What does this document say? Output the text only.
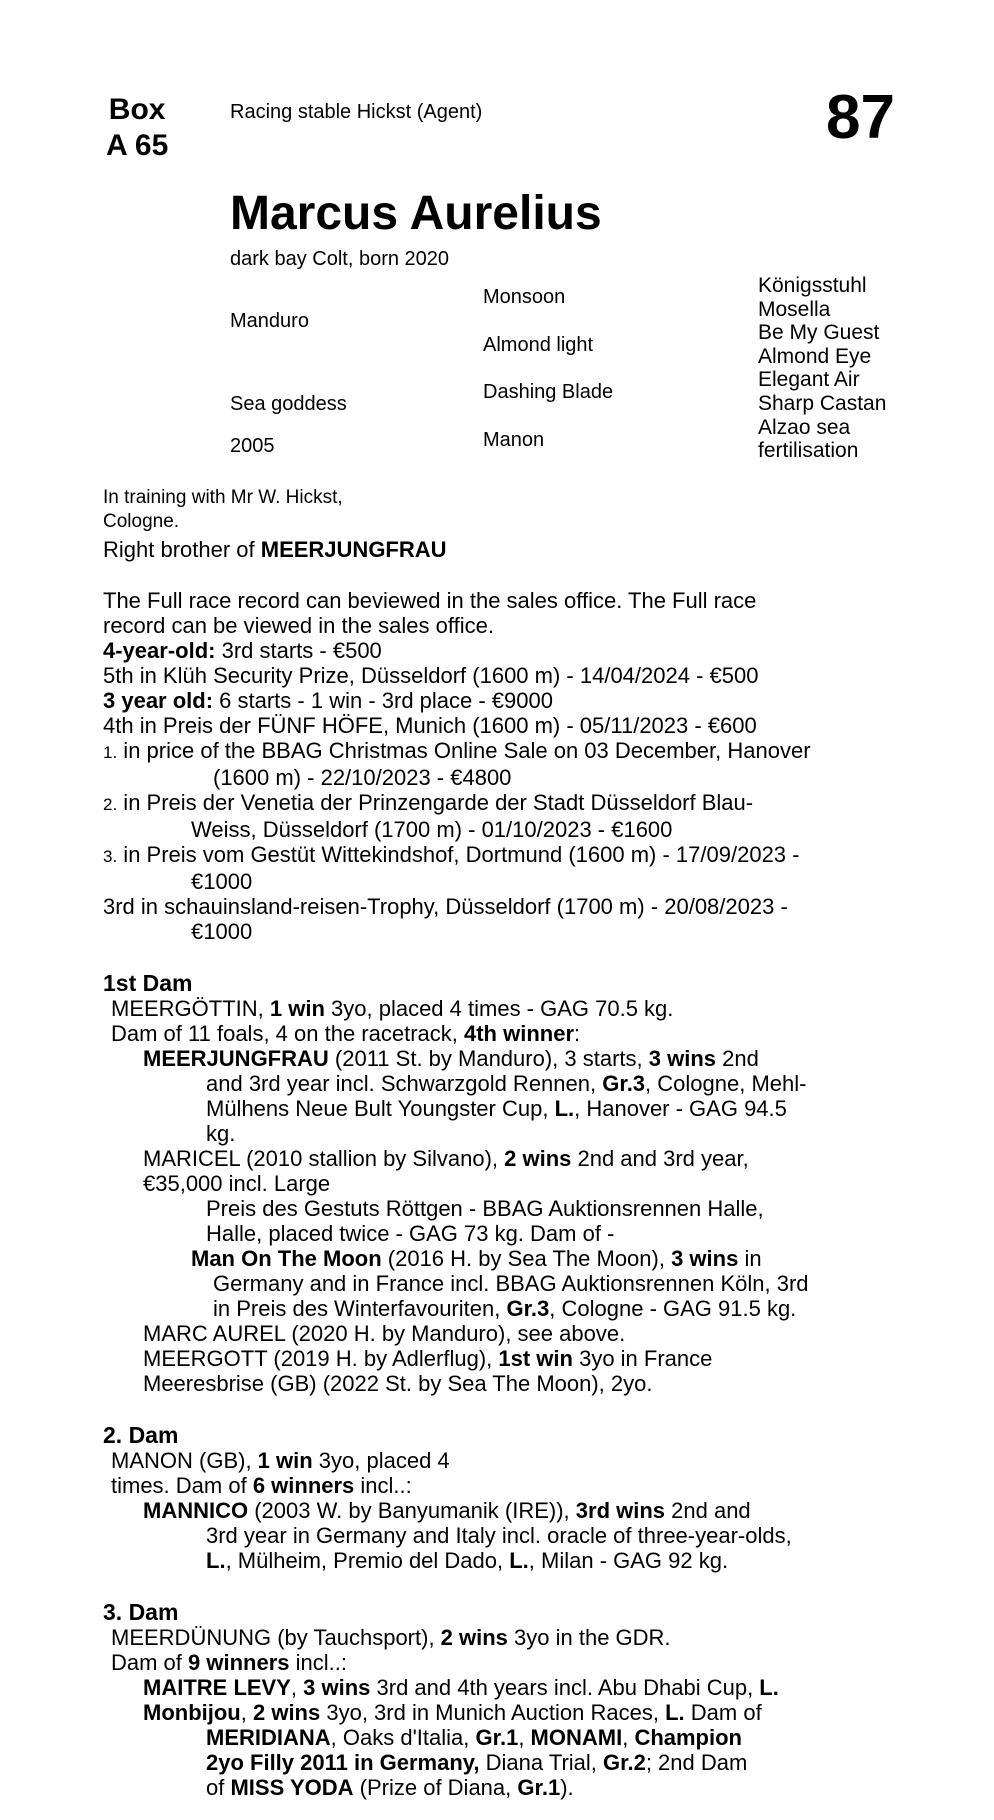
Box
A 65
Racing stable Hickst (Agent)	87
Marcus Aurelius
dark bay Colt, born 2020
Manduro
Sea goddess
2005
Monsoon
Almond light
Dashing Blade
Manon
Königsstuhl
Mosella
Be My Guest
Almond Eye
Elegant Air
Sharp Castan
Alzao sea
fertilisation
In training with Mr W. Hickst,
Cologne.
Right brother of MEERJUNGFRAU
The Full race record can beviewed in the sales office. The Full race
record can be viewed in the sales office.
4-year-old: 3rd starts - €500
5th in Klüh Security Prize, Düsseldorf (1600 m) - 14/04/2024 - €500
3 year old: 6 starts - 1 win - 3rd place - €9000
4th in Preis der FÜNF HÖFE, Munich (1600 m) - 05/11/2023 - €600
1. in price of the BBAG Christmas Online Sale on 03 December, Hanover
(1600 m) - 22/10/2023 - €4800
2. in Preis der Venetia der Prinzengarde der Stadt Düsseldorf Blau-
Weiss, Düsseldorf (1700 m) - 01/10/2023 - €1600
3. in Preis vom Gestüt Wittekindshof, Dortmund (1600 m) - 17/09/2023 -
€1000
3rd in schauinsland-reisen-Trophy, Düsseldorf (1700 m) - 20/08/2023 -
€1000
1st Dam
MEERGÖTTIN, 1 win 3yo, placed 4 times - GAG 70.5 kg.
Dam of 11 foals, 4 on the racetrack, 4th winner:
MEERJUNGFRAU (2011 St. by Manduro), 3 starts, 3 wins 2nd
and 3rd year incl. Schwarzgold Rennen, Gr.3, Cologne, Mehl-
Mülhens Neue Bult Youngster Cup, L., Hanover - GAG 94.5
kg.
MARICEL (2010 stallion by Silvano), 2 wins 2nd and 3rd year,
€35,000 incl. Large
Preis des Gestuts Röttgen - BBAG Auktionsrennen Halle,
Halle, placed twice - GAG 73 kg. Dam of -
Man On The Moon (2016 H. by Sea The Moon), 3 wins in
Germany and in France incl. BBAG Auktionsrennen Köln, 3rd
in Preis des Winterfavouriten, Gr.3, Cologne - GAG 91.5 kg.
MARC AUREL (2020 H. by Manduro), see above.
MEERGOTT (2019 H. by Adlerflug), 1st win 3yo in France
Meeresbrise (GB) (2022 St. by Sea The Moon), 2yo.
2. Dam
MANON (GB), 1 win 3yo, placed 4
times. Dam of 6 winners incl..:
MANNICO (2003 W. by Banyumanik (IRE)), 3rd wins 2nd and
3rd year in Germany and Italy incl. oracle of three-year-olds,
L., Mülheim, Premio del Dado, L., Milan - GAG 92 kg.
3. Dam
MEERDÜNUNG (by Tauchsport), 2 wins 3yo in the GDR.
Dam of 9 winners incl..:
MAITRE LEVY, 3 wins 3rd and 4th years incl. Abu Dhabi Cup, L.
Monbijou, 2 wins 3yo, 3rd in Munich Auction Races, L. Dam of
MERIDIANA, Oaks d'Italia, Gr.1, MONAMI, Champion
2yo Filly 2011 in Germany, Diana Trial, Gr.2; 2nd Dam
of MISS YODA (Prize of Diana, Gr.1).
